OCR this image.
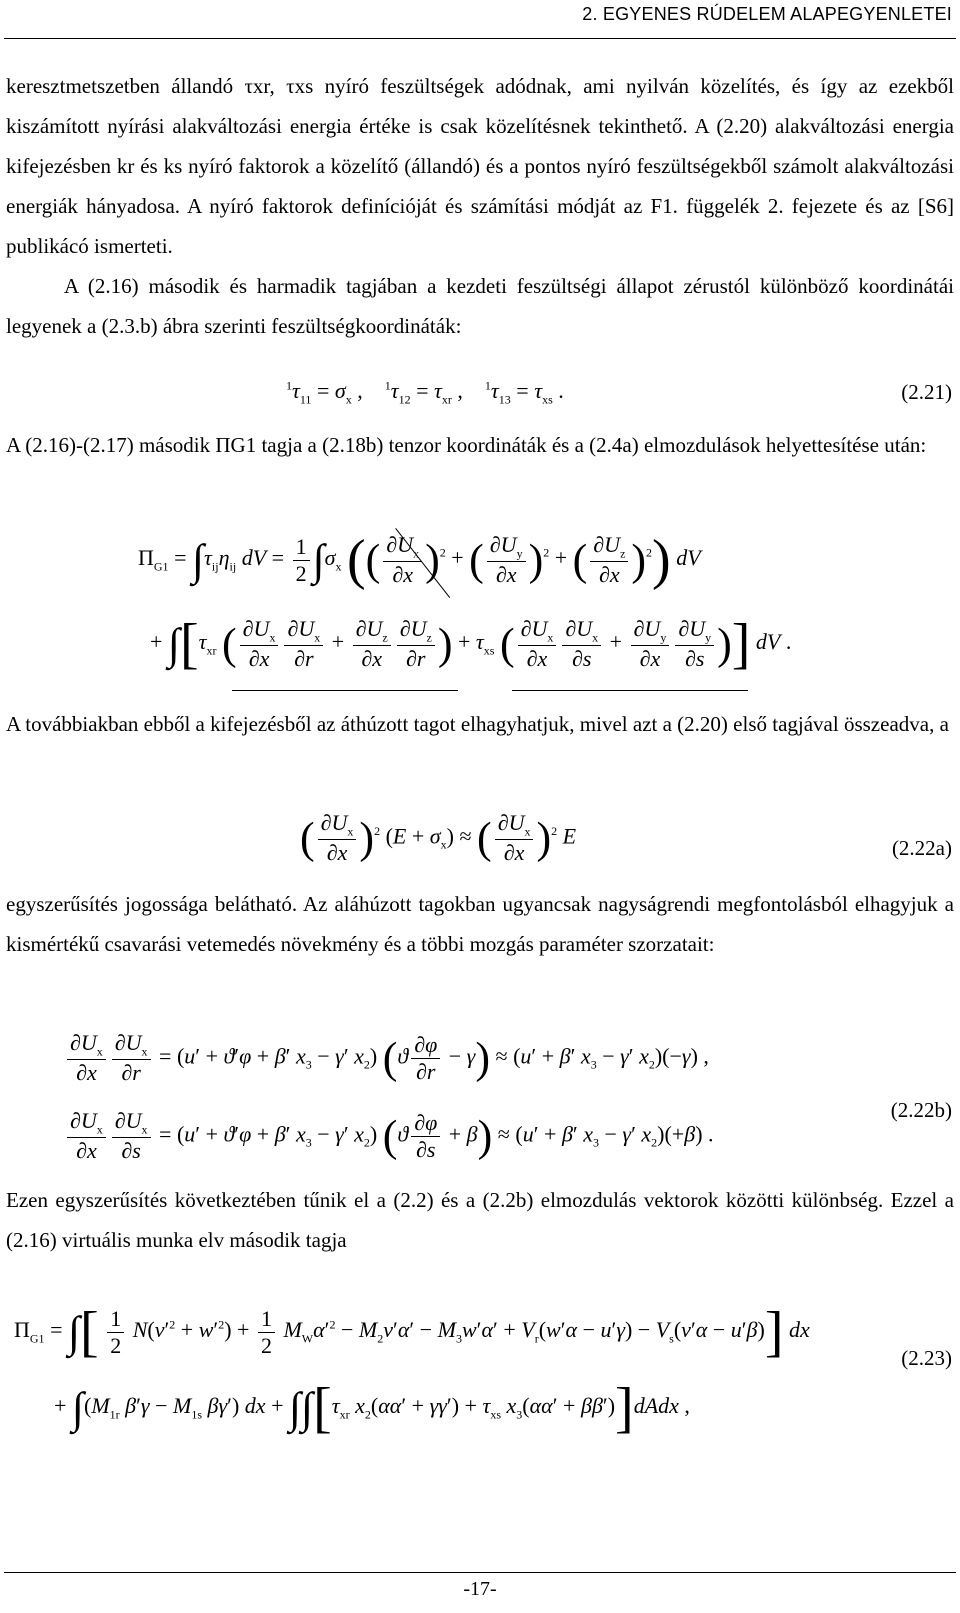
2. EGYENES RÚDELEM ALAPEGYENLETEI

keresztmetszetben állandó τxr, τxs nyíró feszültségek adódnak, ami nyilván közelítés, és így az ezekből kiszámított nyírási alakváltozási energia értéke is csak közelítésnek tekinthető. A (2.20) alakváltozási energia kifejezésben kr és ks nyíró faktorok a közelítő (állandó) és a pontos nyíró feszültségekből számolt alakváltozási energiák hányadosa. A nyíró faktorok definícióját és számítási módját az F1. függelék 2. fejezete és az [S6] publikácó ismerteti.

A (2.16) második és harmadik tagjában a kezdeti feszültségi állapot zérustól különböző koordinátái legyenek a (2.3.b) ábra szerinti feszültségkoordináták:

$^1\tau_{11} = \sigma_x$ ,    $^1\tau_{12} = \tau_{xr}$ ,    $^1\tau_{13} = \tau_{xs}$ .	(2.21)

A (2.16)-(2.17) második ΠG1 tagja a (2.18b) tenzor koordináták és a (2.4a) elmozdulások helyettesítése után:

$\Pi_{G1} = \int\tau_{ij}\eta_{ij}$ dV = $\frac{1}{2} \int\sigma_x$ (( $\frac{\partial U_x}{\partial x} )^2$ + ( $\frac{\partial U_y}{\partial x} )^2$ + ( $\frac{\partial U_z}{\partial x} )^2$) dV
+ $\int[\tau_{xr}$ ( $\frac{\partial U_x}{\partial x} \frac{\partial U_x}{\partial r} + \frac{\partial U_z}{\partial x} \frac{\partial U_z}{\partial r}$ ) + $\tau_{xs}$ ( $\frac{\partial U_x}{\partial x} \frac{\partial U_x}{\partial s} + \frac{\partial U_y}{\partial x} \frac{\partial U_y}{\partial s}$ )] dV .

A továbbiakban ebből a kifejezésből az áthúzott tagot elhagyhatjuk, mivel azt a (2.20) első tagjával összeadva, a

( $\frac{\partial U_x}{\partial x} )^2$ $(E + \sigma_x)$ ≈ ( $\frac{\partial U_x}{\partial x} )^2$ E	(2.22a)

egyszerűsítés jogossága belátható. Az aláhúzott tagokban ugyancsak nagyságrendi megfontolásból elhagyjuk a kismértékű csavarási vetemedés növekmény és a többi mozgás paraméter szorzatait:

$\frac{\partial U_x}{\partial x} \frac{\partial U_x}{\partial r} = (u' + ϑ'\varphi + \beta'$ $x_3 - \gamma'$ $x_2$) $(ϑ \frac{\partial\varphi}{\partial r} - \gamma) \approx (u' + \beta'$ $x_3 - \gamma'$ $x_2)(-\gamma)$ ,
$\frac{\partial U_x}{\partial x} \frac{\partial U_x}{\partial s} = (u' + ϑ'\varphi + \beta'$ $x_3 - \gamma'$ $x_2$) $(ϑ \frac{\partial\varphi}{\partial s} + \beta) \approx (u' + \beta'$ $x_3 - \gamma'$ $x_2)(+\beta)$ .
(2.22b)

Ezen egyszerűsítés következtében tűnik el a (2.2) és a (2.2b) elmozdulás vektorok közötti különbség. Ezzel a (2.16) virtuális munka elv második tagja

$\Pi_{G1}$ = ∫[ $\frac{1}{2} N(v'^2 + w'^2) + \frac{1}{2} M_W\alpha'^2 - M_2v'\alpha' - M_3w'\alpha' + V_r(w'\alpha - u'\gamma) - V_s(v'\alpha - u'\beta)$] dx
+ $\int(M_{1r}$ $\beta'\gamma - M_{1s}$ βγ′) dx + $\int\int[\tau_{xr}$ $x_2(\alpha\alpha' + \gamma\gamma') + \tau_{xs}$ $x_3(\alpha\alpha'$ + ββ′)]dAdx ,
(2.23)
-17-
